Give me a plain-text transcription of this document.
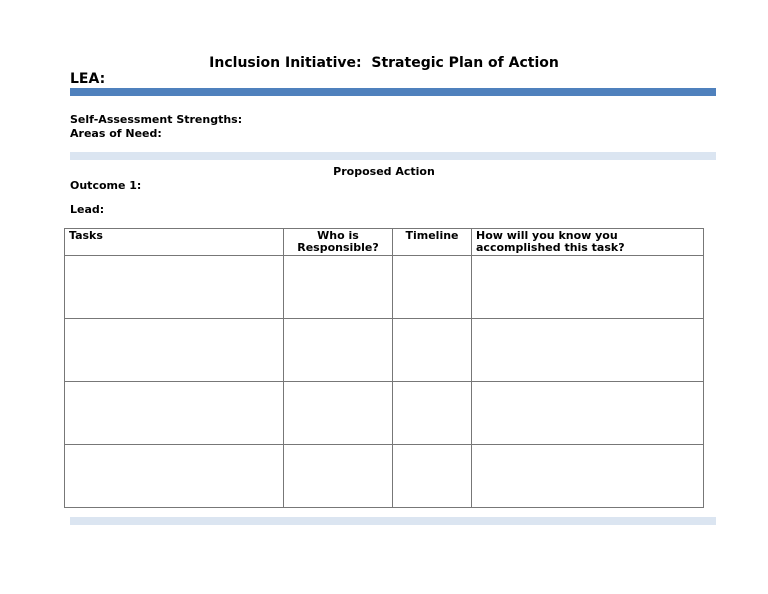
Inclusion Initiative:  Strategic Plan of Action
LEA:
Self-Assessment Strengths:
Areas of Need:
Proposed Action
Outcome 1:
Lead:
Tasks	Who is Responsible?	Timeline	How will you know you accomplished this task?
